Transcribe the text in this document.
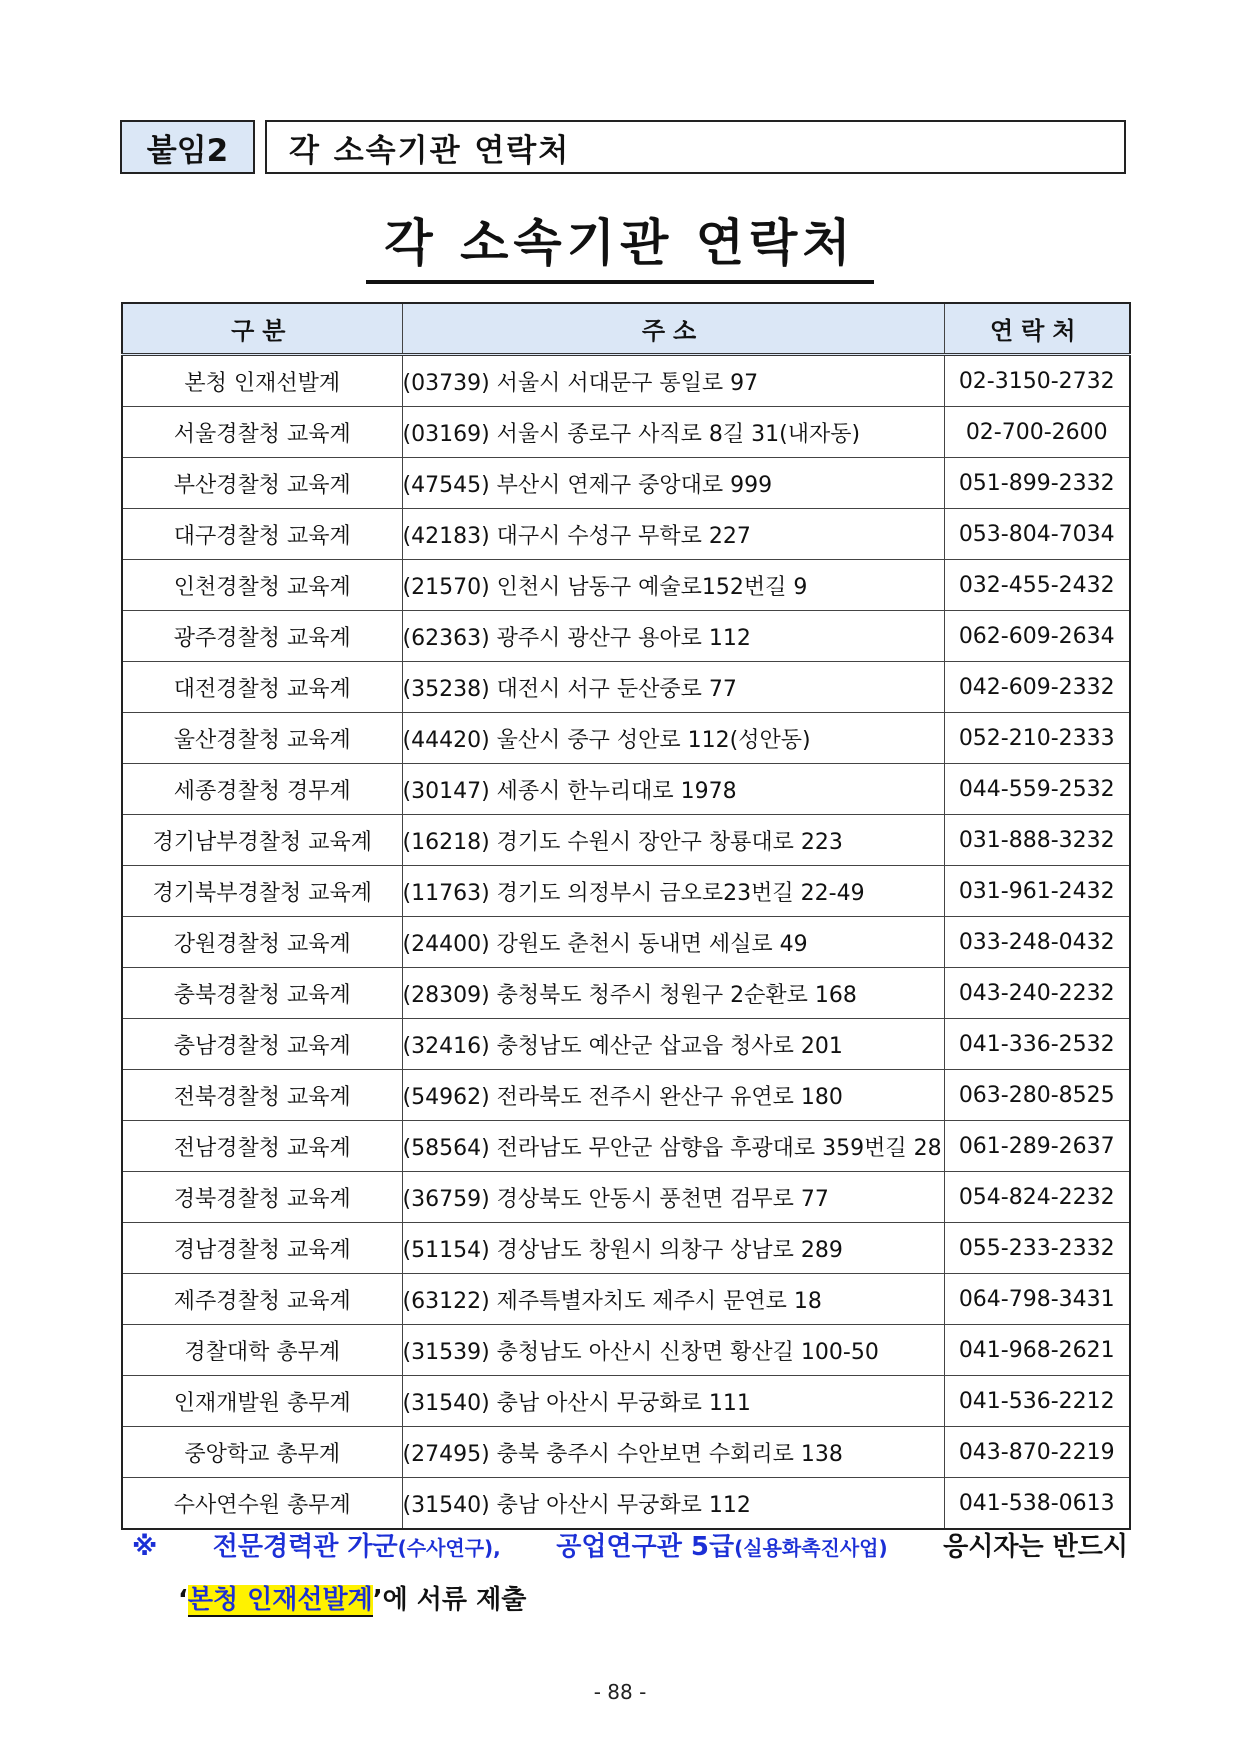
붙임2 각 소속기관 연락처
각 소속기관 연락처
구분	주소	연락처
본청 인재선발계	(03739) 서울시 서대문구 통일로 97	02-3150-2732
서울경찰청 교육계	(03169) 서울시 종로구 사직로 8길 31(내자동)	02-700-2600
부산경찰청 교육계	(47545) 부산시 연제구 중앙대로 999	051-899-2332
대구경찰청 교육계	(42183) 대구시 수성구 무학로 227	053-804-7034
인천경찰청 교육계	(21570) 인천시 남동구 예술로152번길 9	032-455-2432
광주경찰청 교육계	(62363) 광주시 광산구 용아로 112	062-609-2634
대전경찰청 교육계	(35238) 대전시 서구 둔산중로 77	042-609-2332
울산경찰청 교육계	(44420) 울산시 중구 성안로 112(성안동)	052-210-2333
세종경찰청 경무계	(30147) 세종시 한누리대로 1978	044-559-2532
경기남부경찰청 교육계	(16218) 경기도 수원시 장안구 창룡대로 223	031-888-3232
경기북부경찰청 교육계	(11763) 경기도 의정부시 금오로23번길 22-49	031-961-2432
강원경찰청 교육계	(24400) 강원도 춘천시 동내면 세실로 49	033-248-0432
충북경찰청 교육계	(28309) 충청북도 청주시 청원구 2순환로 168	043-240-2232
충남경찰청 교육계	(32416) 충청남도 예산군 삽교읍 청사로 201	041-336-2532
전북경찰청 교육계	(54962) 전라북도 전주시 완산구 유연로 180	063-280-8525
전남경찰청 교육계	(58564) 전라남도 무안군 삼향읍 후광대로 359번길 28	061-289-2637
경북경찰청 교육계	(36759) 경상북도 안동시 풍천면 검무로 77	054-824-2232
경남경찰청 교육계	(51154) 경상남도 창원시 의창구 상남로 289	055-233-2332
제주경찰청 교육계	(63122) 제주특별자치도 제주시 문연로 18	064-798-3431
경찰대학 총무계	(31539) 충청남도 아산시 신창면 황산길 100-50	041-968-2621
인재개발원 총무계	(31540) 충남 아산시 무궁화로 111	041-536-2212
중앙학교 총무계	(27495) 충북 충주시 수안보면 수회리로 138	043-870-2219
수사연수원 총무계	(31540) 충남 아산시 무궁화로 112	041-538-0613
※ 전문경력관 가군(수사연구), 공업연구관 5급(실용화촉진사업) 응시자는 반드시
‘본청 인재선발계’에 서류 제출
- 88 -
